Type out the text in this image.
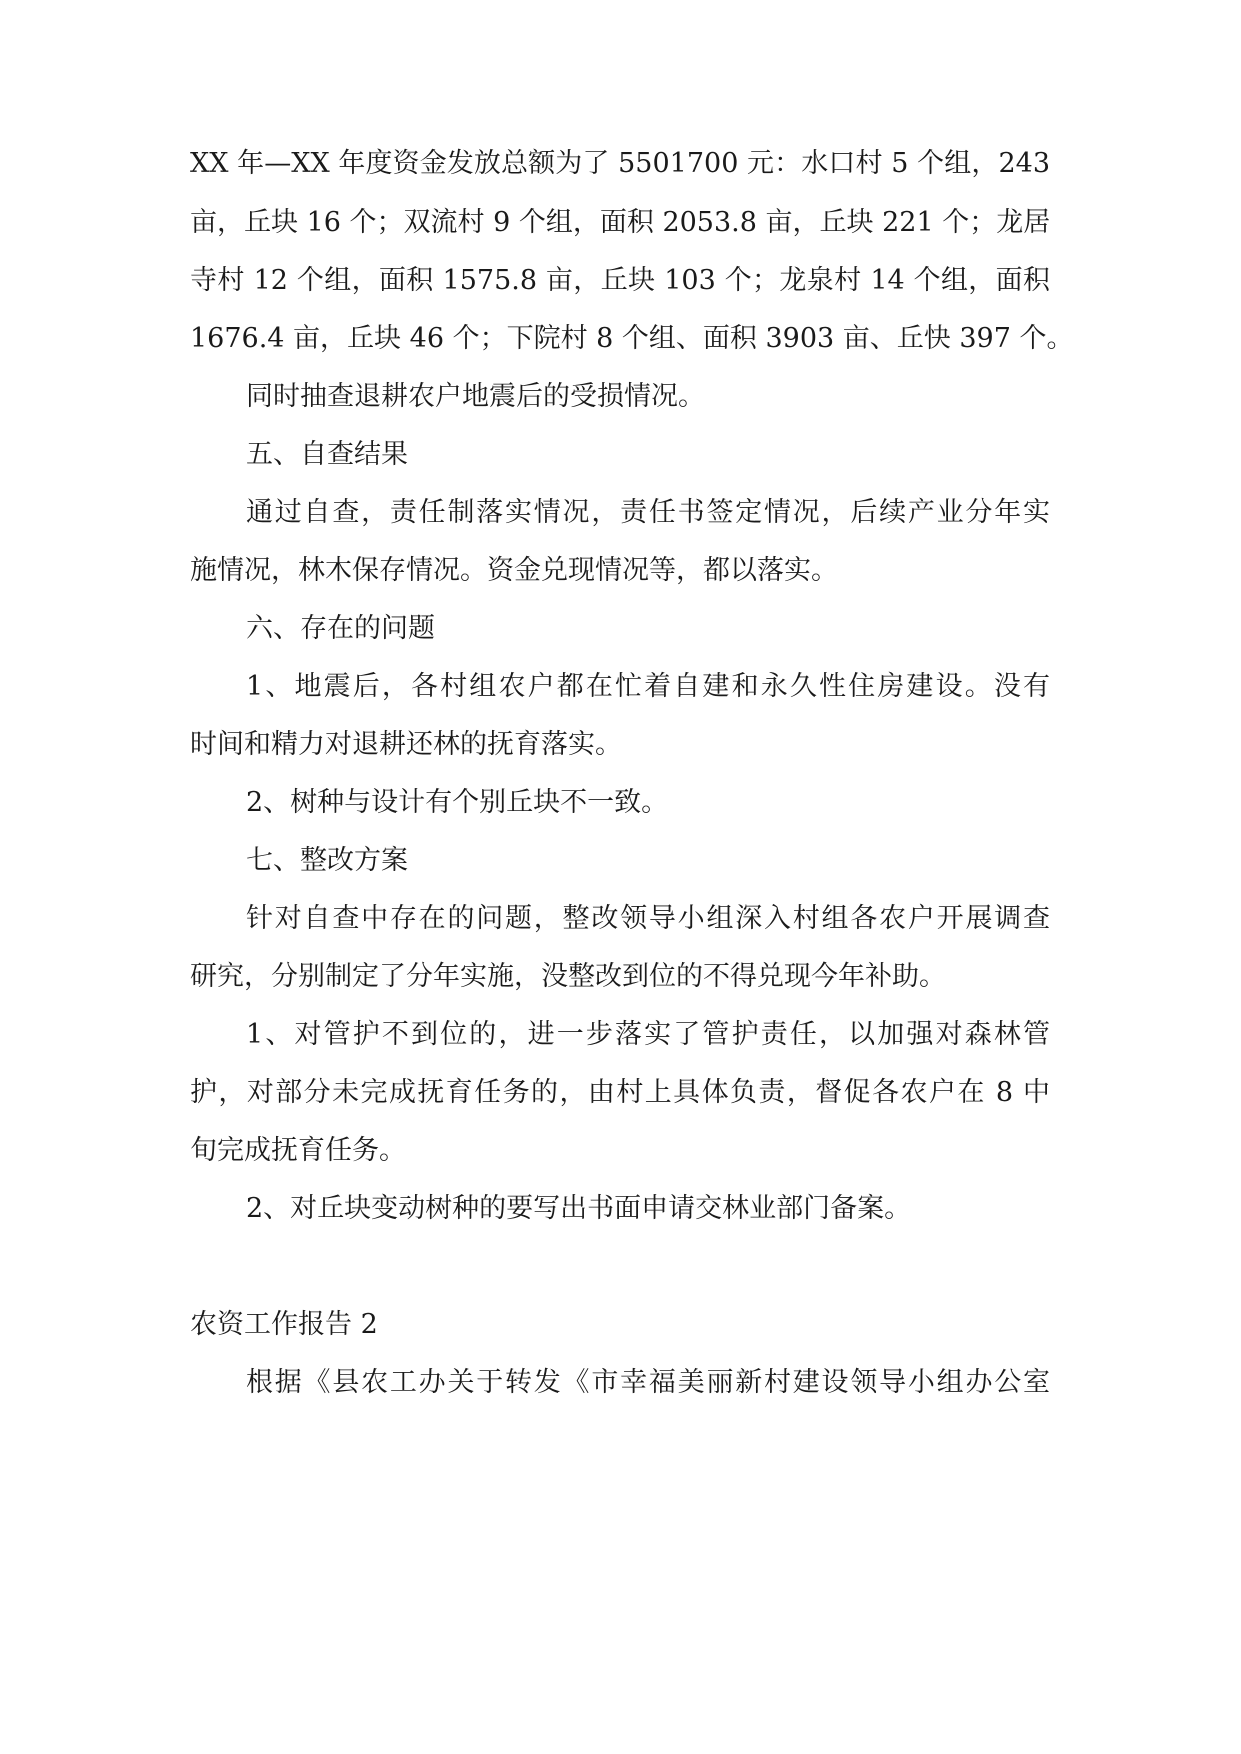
XX 年—XX 年度资金发放总额为了 5501700 元：水口村 5 个组，243
亩，丘块 16 个；双流村 9 个组，面积 2053.8 亩，丘块 221 个；龙居
寺村 12 个组，面积 1575.8 亩，丘块 103 个；龙泉村 14 个组，面积
1676.4 亩，丘块 46 个；下院村 8 个组、面积 3903 亩、丘快 397 个。
同时抽查退耕农户地震后的受损情况。
五、自查结果
通过自查，责任制落实情况，责任书签定情况，后续产业分年实
施情况，林木保存情况。资金兑现情况等，都以落实。
六、存在的问题
1、地震后，各村组农户都在忙着自建和永久性住房建设。没有
时间和精力对退耕还林的抚育落实。
2、树种与设计有个别丘块不一致。
七、整改方案
针对自查中存在的问题，整改领导小组深入村组各农户开展调查
研究，分别制定了分年实施，没整改到位的不得兑现今年补助。
1、对管护不到位的，进一步落实了管护责任，以加强对森林管
护，对部分未完成抚育任务的，由村上具体负责，督促各农户在 8 中
旬完成抚育任务。
2、对丘块变动树种的要写出书面申请交林业部门备案。
农资工作报告 2
根据《县农工办关于转发《市幸福美丽新村建设领导小组办公室
